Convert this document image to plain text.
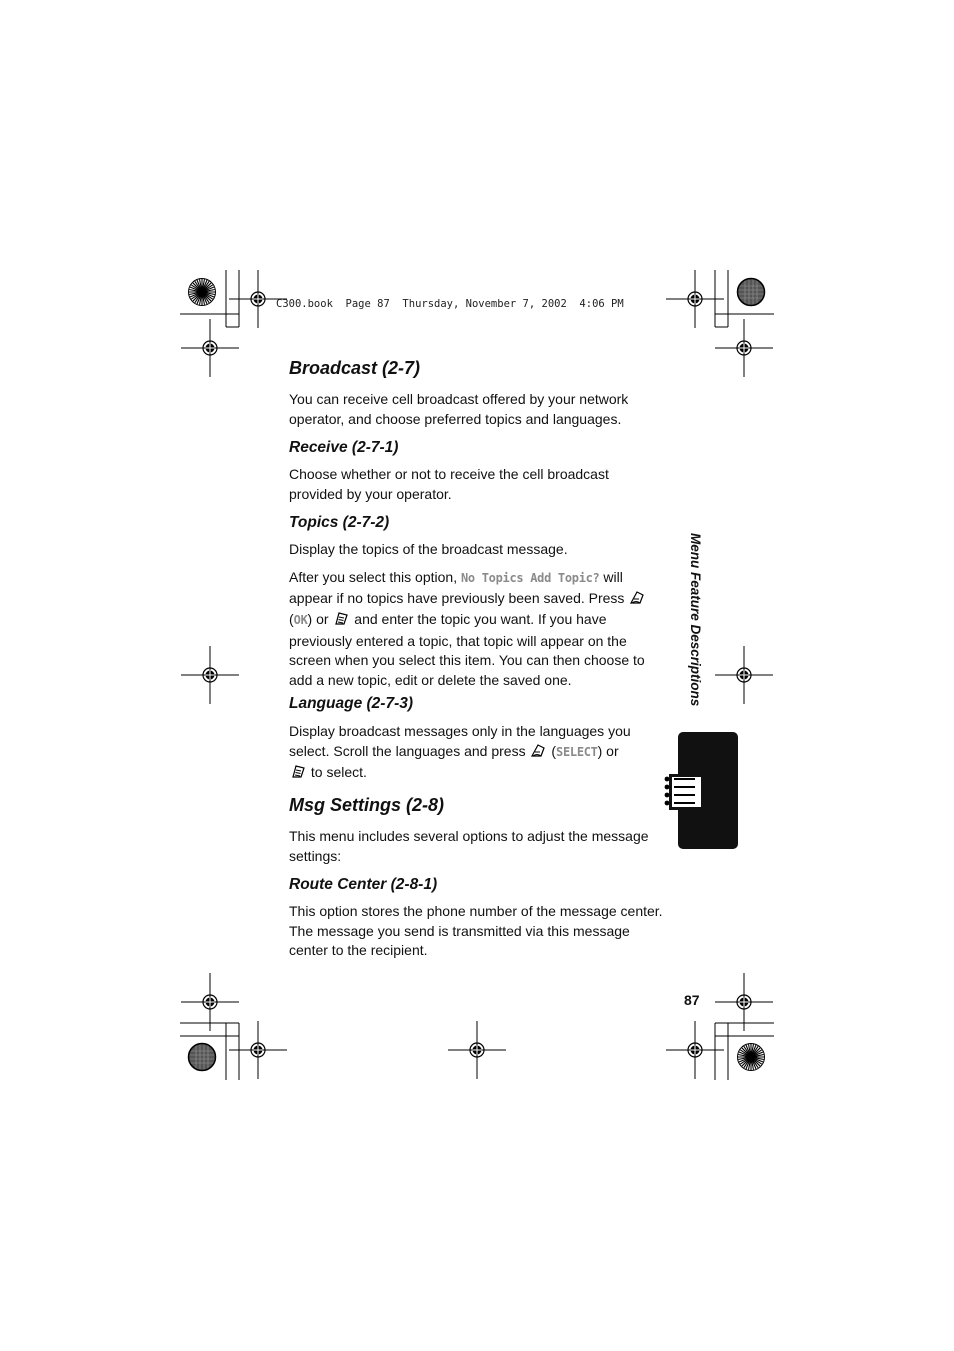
C300.book  Page 87  Thursday, November 7, 2002  4:06 PM
Broadcast (2-7)
You can receive cell broadcast offered by your network operator, and choose preferred topics and languages.
Receive (2-7-1)
Choose whether or not to receive the cell broadcast provided by your operator.
Topics (2-7-2)
Display the topics of the broadcast message.
After you select this option, No Topics Add Topic? will appear if no topics have previously been saved. Press  (OK) or  and enter the topic you want. If you have previously entered a topic, that topic will appear on the screen when you select this item. You can then choose to add a new topic, edit or delete the saved one.
Language (2-7-3)
Display broadcast messages only in the languages you select. Scroll the languages and press  (SELECT) or
to select.
Msg Settings (2-8)
This menu includes several options to adjust the message settings:
Route Center (2-8-1)
This option stores the phone number of the message center. The message you send is transmitted via this message center to the recipient.
Menu Feature Descriptions
87
